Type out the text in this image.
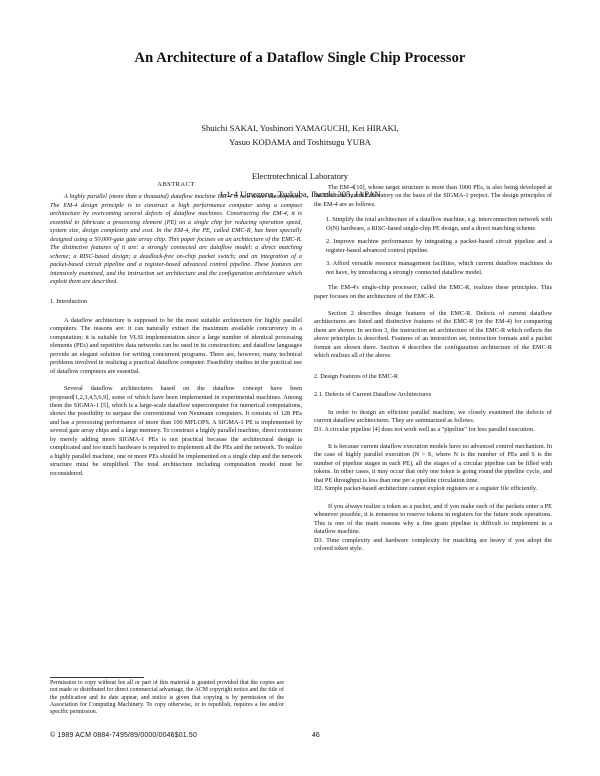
An Architecture of a Dataflow Single Chip Processor
Shuichi SAKAI, Yoshinori YAMAGUCHI, Kei HIRAKI,
Yasuo KODAMA and Toshitsugu YUBA
Electrotechnical Laboratory
1-1-4 Umezono, Tsukuba, Ibaraki 305, JAPAN

ABSTRACT

A highly parallel (more than a thousand) dataflow machine EM-4 is now under development. The EM-4 design principle is to construct a high performance computer using a compact architecture by overcoming several defects of dataflow machines. Constructing the EM-4, it is essential to fabricate a processing element (PE) on a single chip for reducing operation speed, system size, design complexity and cost. In the EM-4, the PE, called EMC-R, has been specially designed using a 50,000-gate gate array chip. This paper focuses on an architecture of the EMC-R. The distinctive features of it are: a strongly connected arc dataflow model; a direct matching scheme; a RISC-based design; a deadlock-free on-chip packet switch; and an integration of a packet-based circuit pipeline and a register-based advanced control pipeline. These features are intensively examined, and the instruction set architecture and the configuration architecture which exploit them are described.

1. Introduction

A dataflow architecture is supposed to be the most suitable architecture for highly parallel computers. The reasons are: it can naturally extract the maximum available concurrency in a computation; it is suitable for VLSI implementation since a large number of identical processing elements (PEs) and repetitive data networks can be used in its construction; and dataflow languages provide an elegant solution for writing concurrent programs. There are, however, many technical problems involved in realizing a practical dataflow computer. Feasibility studies in the practical use of dataflow computers are essential.

Several dataflow architectures based on the dataflow concept have been proposed[1,2,3,4,5,6,9], some of which have been implemented in experimental machines. Among them the SIGMA-1 [5], which is a large-scale dataflow supercomputer for numerical computations, shows the possibility to surpass the conventional von Neumann computers. It consists of 128 PEs and has a processing performance of more than 100 MFLOPS. A SIGMA-1 PE is implemented by several gate array chips and a large memory. To construct a highly parallel machine, direct extension by merely adding more SIGMA-1 PEs is not practical because the architectural design is complicated and too much hardware is required to implement all the PEs and the network. To realize a highly parallel machine, one or more PEs should be implemented on a single chip and the network structure must be simplified. The total architecture including computation model must be reconsidered.

The EM-4[10], whose target structure is more than 1000 PEs, is also being developed at the Electrotechnical Laboratory on the basis of the SIGMA-1 project. The design principles of the EM-4 are as follows.

1. Simplify the total architecture of a dataflow machine, e.g. interconnection network with O(N) hardware, a RISC-based single-chip PE design, and a direct matching scheme.
2. Improve machine performance by integrating a packet-based circuit pipeline and a register-based advanced control pipeline.
3. Afford versatile resource management facilities, which current dataflow machines do not have, by introducing a strongly connected dataflow model.

The EM-4's single-chip processor, called the EMC-R, realizes these principles. This paper focuses on the architecture of the EMC-R.

Section 2 describes design features of the EMC-R. Defects of current dataflow architectures are listed and distinctive features of the EMC-R (or the EM-4) for conquering them are shown. In section 3, the instruction set architecture of the EMC-R which reflects the above principles is described. Features of an instruction set, instruction formats and a packet format are shown there. Section 4 describes the configuration architecture of the EMC-R which realizes all of the above.

2. Design Features of the EMC-R

2.1. Defects of Current Dataflow Architectures

In order to design an efficient parallel machine, we closely examined the defects of current dataflow architectures. They are summarized as follows.

D1. A circular pipeline [4] does not work well as a "pipeline" for less parallel execution.

It is because current dataflow execution models have no advanced control mechanism. In the case of highly parallel execution (N > S, where N is the number of PEs and S is the number of pipeline stages in each PE), all the stages of a circular pipeline can be filled with tokens. In other cases, it may occur that only one token is going round the pipeline cycle, and that PE throughput is less than one per a pipeline circulation time.

D2. Simple packet-based architecture cannot exploit registers or a register file efficiently.

If you always realize a token as a packet, and if you make each of the packets enter a PE whenever possible, it is nonsense to reserve tokens in registers for the future node operations. This is one of the main reasons why a fine grain pipeline is difficult to implement in a dataflow machine.

D3. Time complexity and hardware complexity for matching are heavy if you adopt the colored token style.

Permission to copy without fee all or part of this material is granted provided that the copies are not made or distributed for direct commercial advantage, the ACM copyright notice and the title of the publication and its date appear, and notice is given that copying is by permission of the Association for Computing Machinery. To copy otherwise, or to republish, requires a fee and/or specific permission.
© 1989 ACM 0884-7495/89/0000/0046$01.50	46
